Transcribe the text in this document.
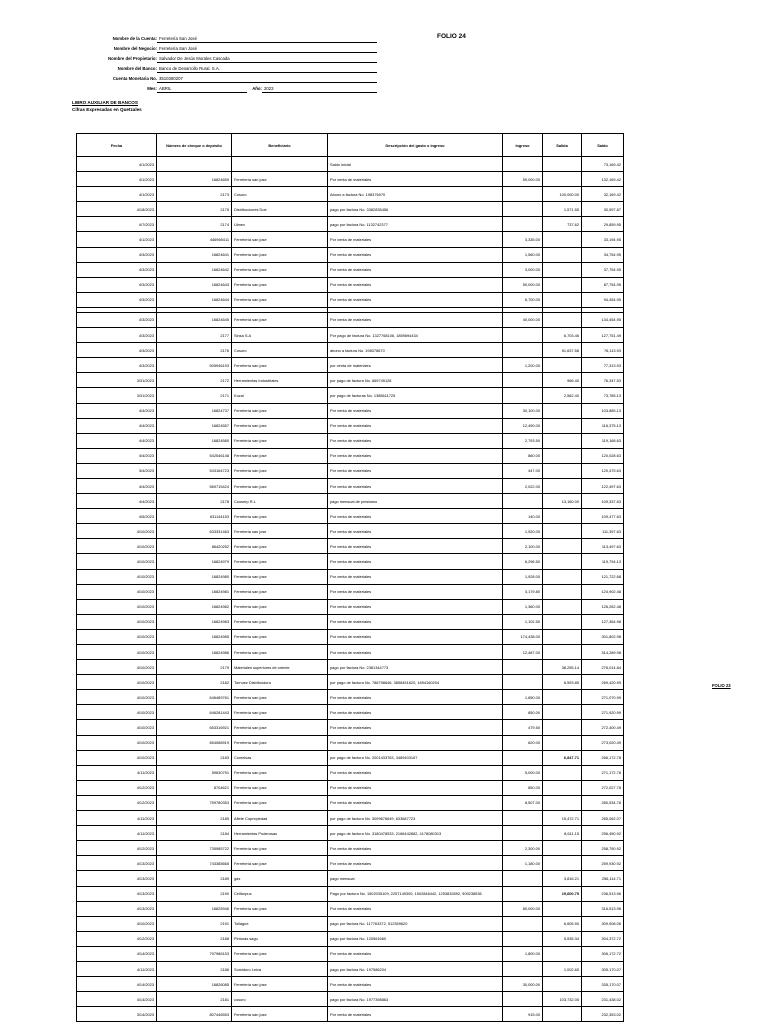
Nombre de la Cuenta: Ferretería San José
Nombre del Negocio: Ferretería San José
Nombre del Propietario: Salvador De Jesús Morales Cascada
Nombre del Banco: Banco de Desarrollo Rural. S.A.
Cuenta Monetaria No. 3510380207
Mes: ABRIL	Año: 2023
FOLIO 24
FOLIO 23
LIBRO AUXILIAR DE BANCOS
Cifras Expresadas en Quetzales
Fecha	Número de cheque o depósito	Beneficiario	Descripción del gasto o ingreso	Ingreso	Salida	Saldo
4/1/2023			Saldo inicial			73,169.42
4/1/2023	16824659	Ferretería san jose	Por venta de materiales	59,000.00		132,169.42
4/1/2023	2173	Cosoro	Abono a factura No. 198376970		100,000.00	32,169.42
4/18/2023	2175	Distribuciones Doe	pago por factura No. 3382835456		1,571.55	30,597.87
4/7/2023	2174	Ulmex	pago por factura No. 1132742377		737.62	29,859.95
4/1/2023	446965411	Ferretería san jose	Por venta de materiales	3,335.00		33,194.95
4/3/2023	16824641	Ferretería san jose	Por venta de materiales	1,560.00		34,754.95
4/3/2023	16824642	Ferretería san jose	Por venta de materiales	3,000.00		37,754.95
4/3/2023	16824643	Ferretería san jose	Por venta de materiales	50,000.00		87,754.95
4/3/2023	16824644	Ferretería san jose	Por venta de materiales	6,700.00		94,454.95

4/3/2023	16824645	Ferretería san jose	Por venta de materiales	40,000.00		134,454.95
4/3/2023	2177	Sinsa S.A	Por pago de factura No. 1327768106, 1859694434		6,703.46	127,751.49
4/3/2023	2176	Cosoro	abono a factura No. 198078670		51,637.56	76,113.93
4/3/2023	505946193	Ferretería san jose	por venta de materiales	1,200.00		77,313.93
3/31/2023	2172	Herramientas Industriales	por pago de factura No. 669745128		966.40	76,347.53
3/31/2023	2171	Kozal	por pago de facturas No. 1385611725		2,562.40	73,785.13
4/4/2023	16824737	Ferretería san jose	Por venta de materiales	30,100.00		103,885.13
4/4/2023	16824557	Ferretería san jose	Por venta de materiales	12,490.00		116,375.13
4/4/2023	16824580	Ferretería san jose	Por venta de materiales	2,793.50		119,168.63
4/4/2023	542546148	Ferretería san jose	Por venta de materiales	860.00		120,028.63
3/4/2023	543164723	Ferretería san jose	Por venta de materiales	447.00		120,475.63
4/4/2023	569715424	Ferretería san jose	Por venta de materiales	2,022.00		122,497.63
4/4/2023	2178	Cooserp R.L	pago mensual de prestamo		13,160.00	109,337.63
4/5/2023	631144153	Ferretería san jose	Por venta de materiales	140.00		109,477.63
4/10/2023	633331463	Ferreteria san jose	Por venta de materiales	1,920.00		111,397.63
4/10/2023	86420252	Ferretería san jose	Por venta de materiales	2,100.00		113,497.63
4/10/2023	16824979	Ferretería san jose	Por venta de materiales	6,296.50		119,794.13
4/10/2023	16824980	Ferretería san jose	Por venta de materiales	1,928.00		121,722.68
4/10/2023	16824981	Ferretería san jose	Por venta de materiales	3,179.80		124,902.48
4/10/2023	16824982	Ferretería san jose	Por venta de materiales	1,360.00		126,262.48
4/10/2023	16824983	Ferretería san jose	Por venta de materiales	1,102.50		127,364.98
4/10/2023	16824985	Ferretería san jose	Por venta de materiales	174,438.00		301,802.98
4/10/2023	16824986	Ferretería san jose	Por venta de materiales	12,487.00		314,289.98
4/10/2023	2179	Materiales superiores de oriente	pago por factura No. 2381344773		38,255.14	276,014.84
4/10/2023	2182	Tornuez Distribuidora	por pago de factura No. 788798646, 3858451620, 1894160204		6,593.85	269,420.99
4/10/2023	646489761	Ferretería san jose	Por venta de materiales	1,650.00		271,070.99
4/10/2023	646281443	Ferretería san jose	Por venta de materiales	850.00		271,920.99
4/10/2023	653316921	Ferretería san jose	Por venta de materiales	479.50		272,400.49
4/10/2023	654068919	Ferretería san jose	Por venta de materiales	620.00		273,020.49
4/10/2023	2183	Comelsas	por pago de factura No. 2001433763, 3489403167		6,847.71	266,172.78
4/11/2023	59630791	Ferretería san jose	Por venta de materiales	5,000.00		271,172.78
4/12/2023	8704621	Ferretería san jose	Por venta de materiales	850.00		272,027.78
4/12/2023	759780353	Ferretería san jose	Por venta de materiales	8,507.00		280,534.78
4/11/2023	2185	Aflete Coprepiedad	por pago de factura No. 3099676649, 633687723		15,472.71	265,062.07
4/11/2023	2184	Herramientas Poderosas	por pago de factura No. 3180478533, 2166442882, 4178080313		8,611.15	256,450.92
4/12/2023	735985722	Ferretería san jose	Por venta de materiales	2,300.00		258,750.92
4/13/2023	743385665	Ferretería san jose	Por venta de materiales	1,180.00		259,930.92
4/13/2023	2189	gas	pago mensual		3,816.21	256,114.71
4/13/2023	2190	Ceiltorpus	Pago por factura No. 1502035109, 2257149300, 1502846442, 1253832892, 909238536		19,600.75	236,513.96
4/13/2023	16825946	Ferretería san jose	Por venta de materiales	80,000.00		316,513.96
4/10/2023	2191	Tollague	pago por factura No. 117763372, 512359620		6,605.90	309,908.06
4/12/2023	2188	Pinturas sagu	pago por factura No. 120561660		5,535.34	304,372.72
4/14/2023	797986153	Ferretería san jose	Por venta de materiales	1,800.00		306,172.72
4/11/2023	2186	Sumiduro Leiva	pago por factura No. 197586204		1,002.65	305,170.07
4/14/2023	16826085	Ferretería san jose	Por venta de materiales	30,000.00		335,170.07
4/14/2023	2181	cosoro	pago por factura No. 1977398863		103,732.05	231,438.02
3/14/2023	807446553	Ferretería san jose	Por venta de materiales	915.00		232,353.02
